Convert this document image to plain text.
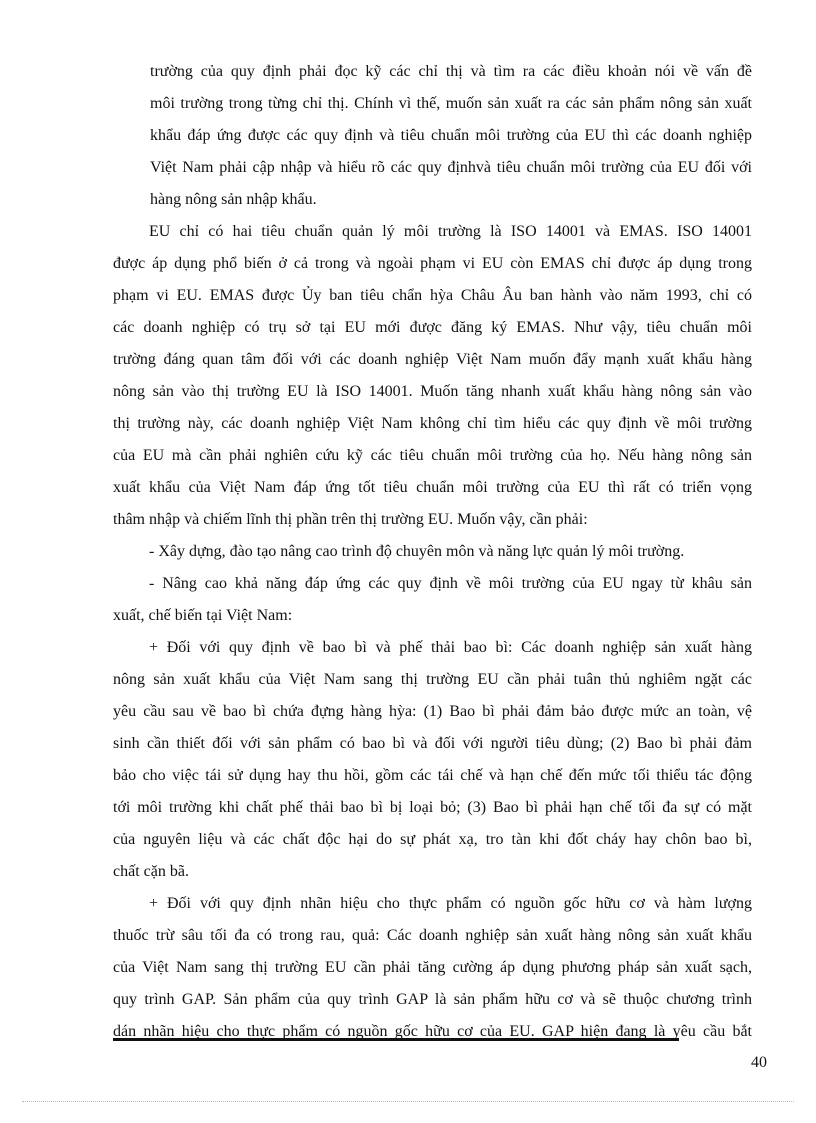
trường của quy định phải đọc kỹ các chỉ thị và tìm ra các điều khoản nói về vấn đề
môi trường trong từng chỉ thị. Chính vì thế, muốn sản xuất ra các sản phẩm nông sản xuất
khẩu đáp ứng được các quy định và tiêu chuẩn môi trường của EU thì các doanh nghiệp
Việt Nam phải cập nhập và hiểu rõ các quy địnhvà tiêu chuẩn môi trường của EU đối với
hàng nông sản nhập khẩu.
EU chỉ có hai tiêu chuẩn quản lý môi trường là ISO 14001 và EMAS. ISO 14001
được áp dụng phổ biến ở cả trong và ngoài phạm vi EU còn EMAS chỉ được áp dụng trong
phạm vi EU. EMAS được Ủy ban tiêu chẩn hỳa Châu Âu ban hành vào năm 1993, chỉ có
các doanh nghiệp có trụ sở tại EU mới được đăng ký EMAS. Như vậy, tiêu chuẩn môi
trường đáng quan tâm đối với các doanh nghiệp Việt Nam muốn đẩy mạnh xuất khẩu hàng
nông sản vào thị trường EU là ISO 14001. Muốn tăng nhanh xuất khẩu hàng nông sản vào
thị trường này, các doanh nghiệp Việt Nam không chỉ tìm hiểu các quy định về môi trường
của EU mà cần phải nghiên cứu kỹ các tiêu chuẩn môi trường của họ. Nếu hàng nông sản
xuất khẩu của Việt Nam đáp ứng tốt tiêu chuẩn môi trường của EU thì rất có triển vọng
thâm nhập và chiếm lĩnh thị phần trên thị trường EU. Muốn vậy, cần phải:
- Xây dựng, đào tạo nâng cao trình độ chuyên môn và năng lực quản lý môi trường.
- Nâng cao khả năng đáp ứng các quy định về môi trường của EU ngay từ khâu sản
xuất, chế biến tại Việt Nam:
+ Đối với quy định về bao bì và phế thải bao bì: Các doanh nghiệp sản xuất hàng
nông sản xuất khẩu của Việt Nam sang thị trường EU cần phải tuân thủ nghiêm ngặt các
yêu cầu sau về bao bì chứa đựng hàng hỳa: (1) Bao bì phải đảm bảo được mức an toàn, vệ
sinh cần thiết đối với sản phẩm có bao bì và đối với người tiêu dùng; (2) Bao bì phải đảm
bảo cho việc tái sử dụng hay thu hồi, gồm các tái chế và hạn chế đến mức tối thiểu tác động
tới môi trường khi chất phế thải bao bì bị loại bỏ; (3) Bao bì phải hạn chế tối đa sự có mặt
của nguyên liệu và các chất độc hại do sự phát xạ, tro tàn khi đốt cháy hay chôn bao bì,
chất cặn bã.
+ Đối với quy định nhãn hiệu cho thực phẩm có nguồn gốc hữu cơ và hàm lượng
thuốc trừ sâu tối đa có trong rau, quả: Các doanh nghiệp sản xuất hàng nông sản xuất khẩu
của Việt Nam sang thị trường EU cần phải tăng cường áp dụng phương pháp sản xuất sạch,
quy trình GAP. Sản phẩm của quy trình GAP là sản phẩm hữu cơ và sẽ thuộc chương trình
dán nhãn hiệu cho thực phẩm có nguồn gốc hữu cơ của EU. GAP hiện đang là yêu cầu bắt
40
